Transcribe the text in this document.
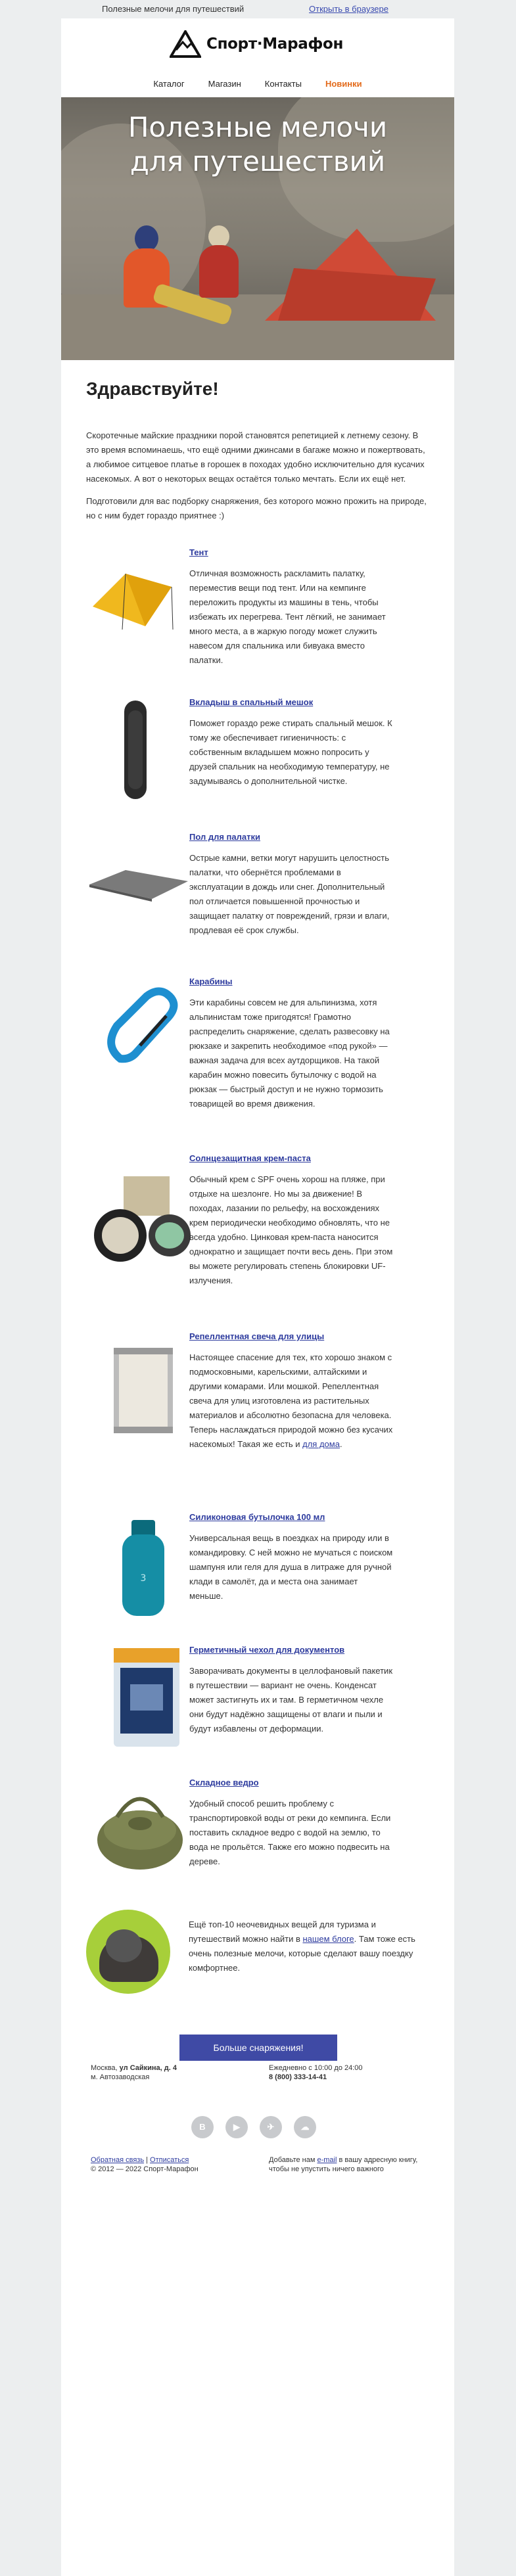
Полезные мелочи для путешествий	Открыть в браузере
Спорт·Марафон
Каталог	Магазин	Контакты	Новинки
Полезные мелочи
для путешествий
Здравствуйте!

Скоротечные майские праздники порой становятся репетицией к летнему сезону. В это время вспоминаешь, что ещё одними джинсами в багаже можно и пожертвовать, а любимое ситцевое платье в горошек в походах удобно исключительно для кусачих насекомых. А вот о некоторых вещах остаётся только мечтать. Если их ещё нет.

Подготовили для вас подборку снаряжения, без которого можно прожить на природе, но с ним будет гораздо приятнее :)

Тент
Отличная возможность раскламить палатку, переместив вещи под тент. Или на кемпинге переложить продукты из машины в тень, чтобы избежать их перегрева. Тент лёгкий, не занимает много места, а в жаркую погоду может служить навесом для спальника или бивуака вместо палатки.
Вкладыш в спальный мешок
Поможет гораздо реже стирать спальный мешок. К тому же обеспечивает гигиеничность: с собственным вкладышем можно попросить у друзей спальник на необходимую температуру, не задумываясь о дополнительной чистке.
Пол для палатки
Острые камни, ветки могут нарушить целостность палатки, что обернётся проблемами в эксплуатации в дождь или снег. Дополнительный пол отличается повышенной прочностью и защищает палатку от повреждений, грязи и влаги, продлевая её срок службы.
Карабины
Эти карабины совсем не для альпинизма, хотя альпинистам тоже пригодятся! Грамотно распределить снаряжение, сделать развесовку на рюкзаке и закрепить необходимое «под рукой» — важная задача для всех аутдорщиков. На такой карабин можно повесить бутылочку с водой на рюкзак — быстрый доступ и не нужно тормозить товарищей во время движения.
Солнцезащитная крем-паста
Обычный крем с SPF очень хорош на пляже, при отдыхе на шезлонге. Но мы за движение! В походах, лазании по рельефу, на восхождениях крем периодически необходимо обновлять, что не всегда удобно. Цинковая крем-паста наносится однократно и защищает почти весь день. При этом вы можете регулировать степень блокировки UF-излучения.
Репеллентная свеча для улицы
Настоящее спасение для тех, кто хорошо знаком с подмосковными, карельскими, алтайскими и другими комарами. Или мошкой. Репеллентная свеча для улиц изготовлена из растительных материалов и абсолютно безопасна для человека. Теперь наслаждаться природой можно без кусачих насекомых! Такая же есть и для дома.
3
Силиконовая бутылочка 100 мл
Универсальная вещь в поездках на природу или в командировку. С ней можно не мучаться с поиском шампуня или геля для душа в литраже для ручной клади в самолёт, да и места она занимает меньше.
Герметичный чехол для документов
Заворачивать документы в целлофановый пакетик в путешествии — вариант не очень. Конденсат может застигнуть их и там. В герметичном чехле они будут надёжно защищены от влаги и пыли и будут избавлены от деформации.
Складное ведро
Удобный способ решить проблему с транспортировкой воды от реки до кемпинга. Если поставить складное ведро с водой на землю, то вода не прольётся. Также его можно подвесить на дереве.
Ещё топ-10 неочевидных вещей для туризма и путешествий можно найти в нашем блоге. Там тоже есть очень полезные мелочи, которые сделают вашу поездку комфортнее.
Больше снаряжения!
Москва, ул Сайкина, д. 4
м. Автозаводская
Ежедневно с 10:00 до 24:00
8 (800) 333-14-41
В	▶	✈	☁
Обратная связь | Отписаться
© 2012 — 2022 Спорт-Марафон
Добавьте нам e-mail в вашу адресную книгу, чтобы не упустить ничего важного
